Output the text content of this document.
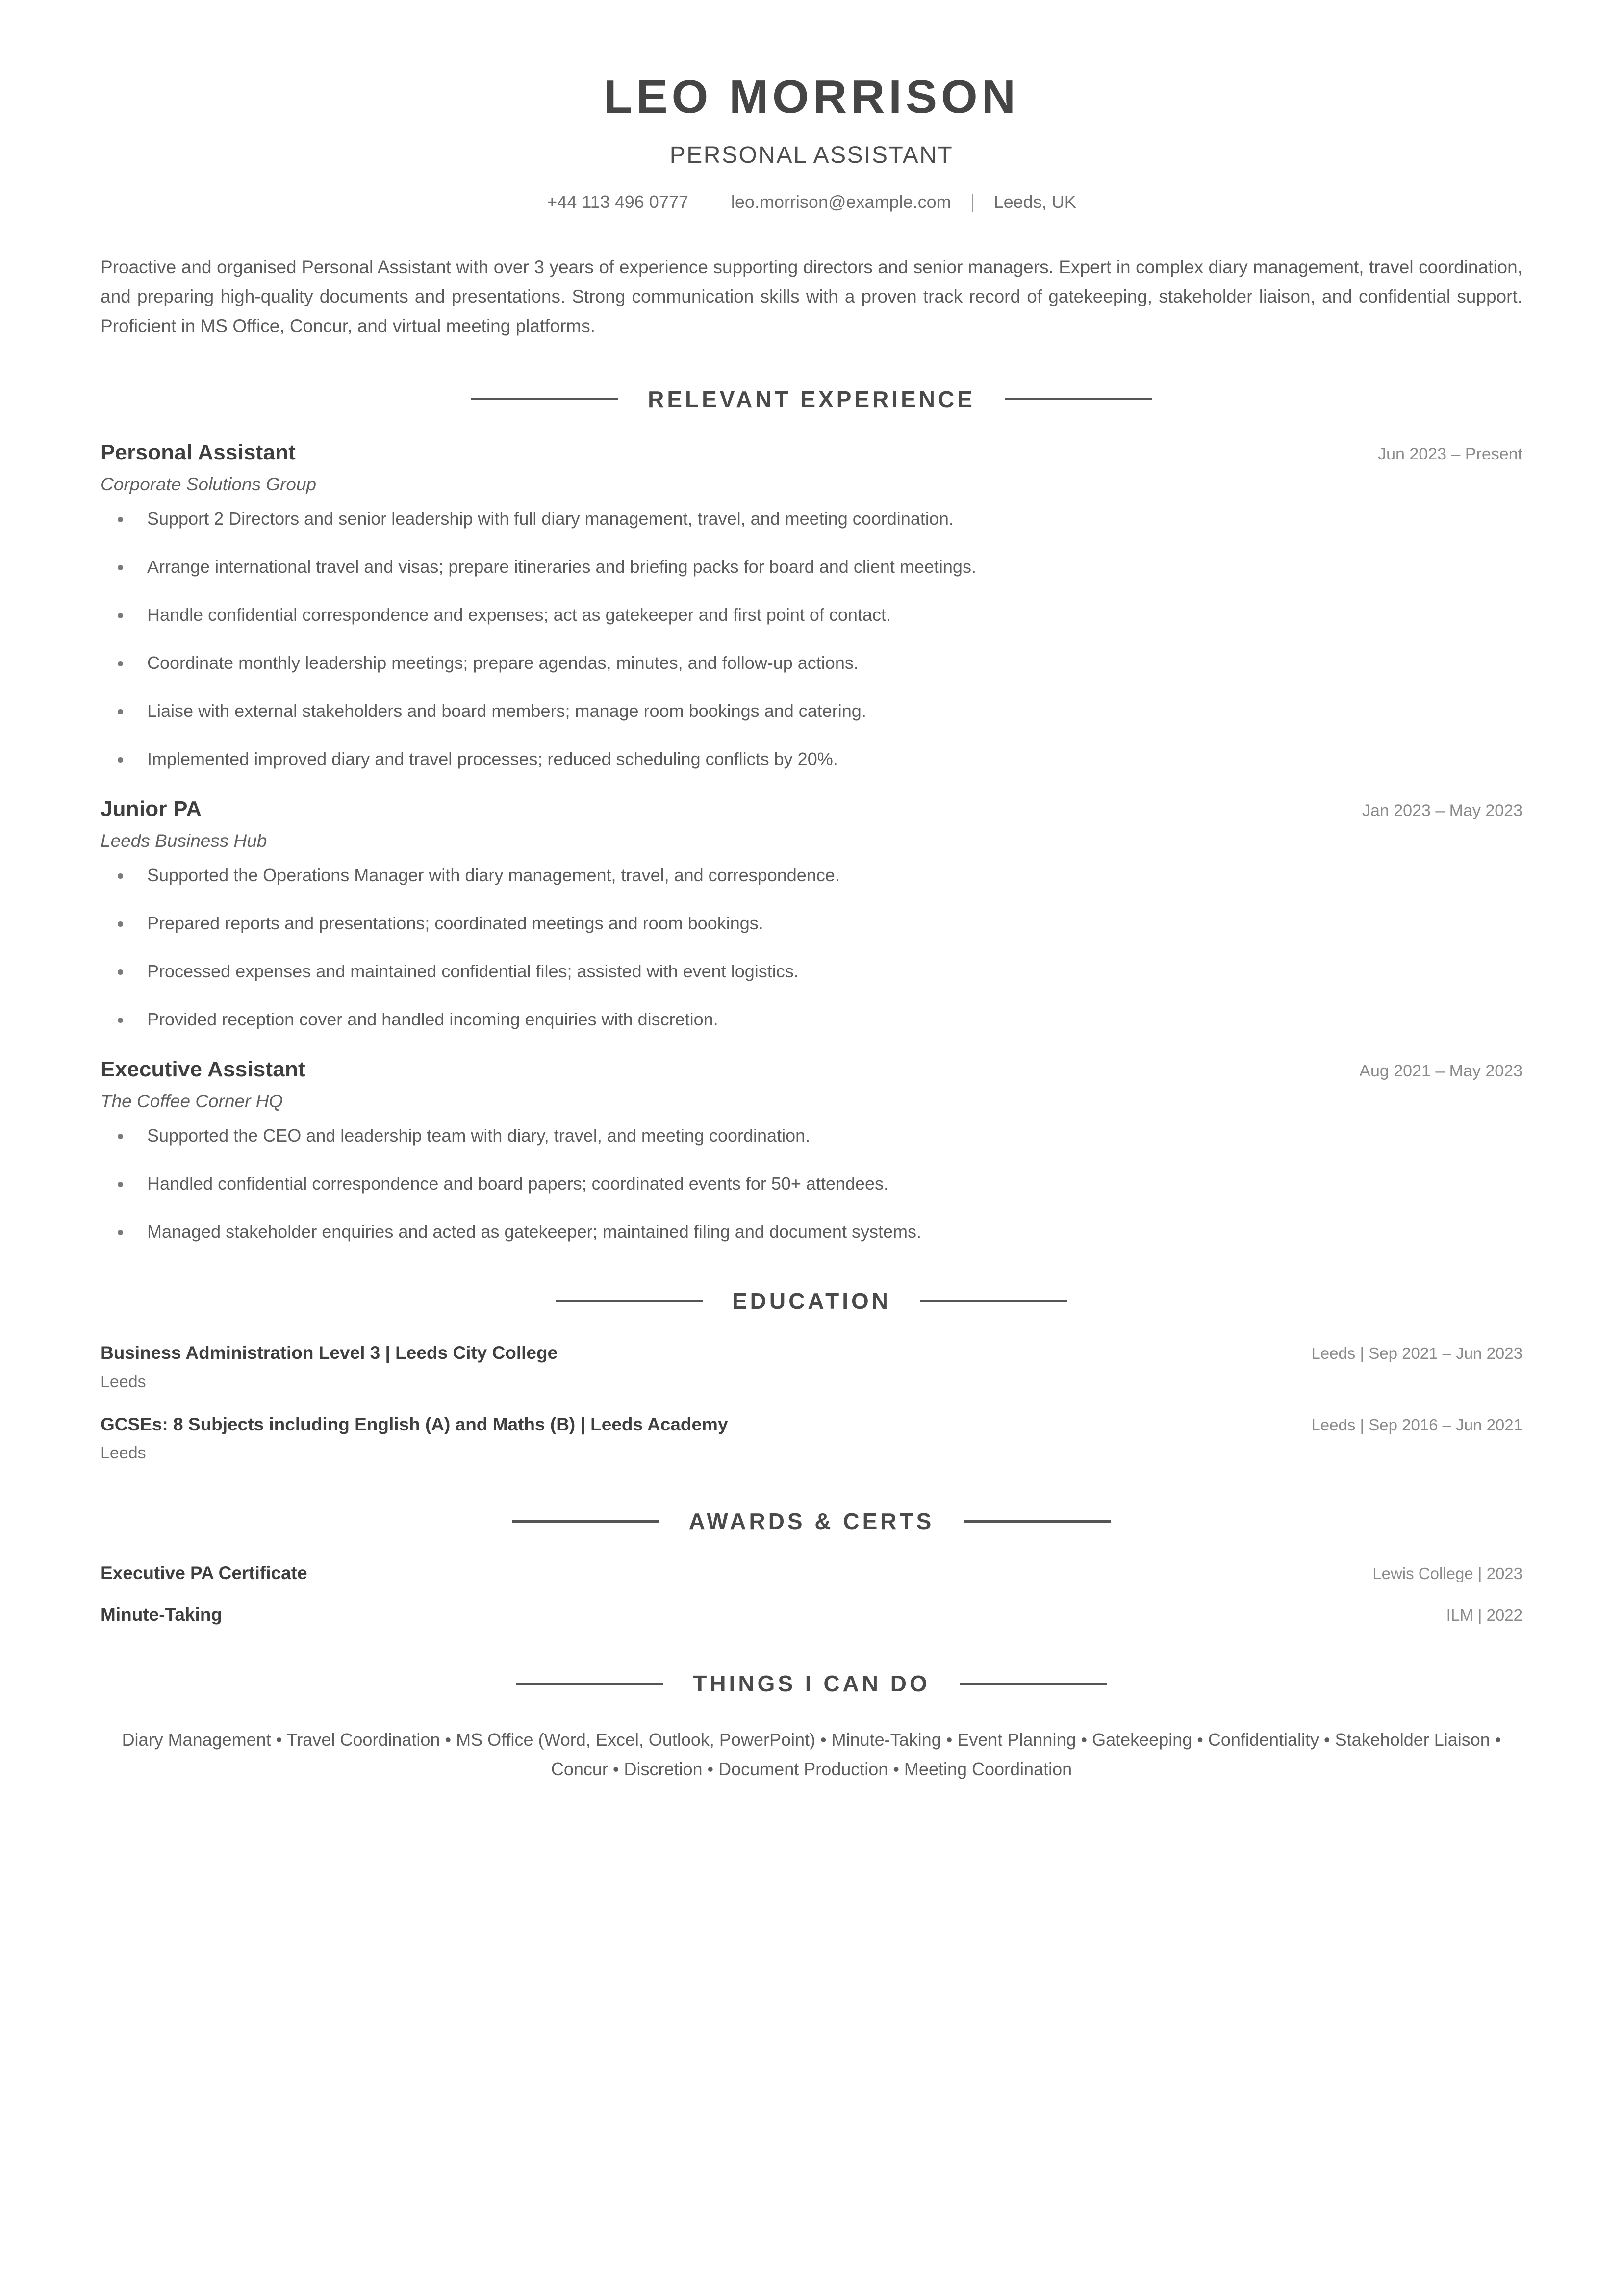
LEO MORRISON
PERSONAL ASSISTANT
+44 113 496 0777 leo.morrison@example.com Leeds, UK
Proactive and organised Personal Assistant with over 3 years of experience supporting directors and senior managers. Expert in complex diary management, travel coordination, and preparing high-quality documents and presentations. Strong communication skills with a proven track record of gatekeeping, stakeholder liaison, and confidential support. Proficient in MS Office, Concur, and virtual meeting platforms.
RELEVANT EXPERIENCE
Personal Assistant	Jun 2023 – Present
Corporate Solutions Group
Support 2 Directors and senior leadership with full diary management, travel, and meeting coordination.
Arrange international travel and visas; prepare itineraries and briefing packs for board and client meetings.
Handle confidential correspondence and expenses; act as gatekeeper and first point of contact.
Coordinate monthly leadership meetings; prepare agendas, minutes, and follow-up actions.
Liaise with external stakeholders and board members; manage room bookings and catering.
Implemented improved diary and travel processes; reduced scheduling conflicts by 20%.
Junior PA	Jan 2023 – May 2023
Leeds Business Hub
Supported the Operations Manager with diary management, travel, and correspondence.
Prepared reports and presentations; coordinated meetings and room bookings.
Processed expenses and maintained confidential files; assisted with event logistics.
Provided reception cover and handled incoming enquiries with discretion.
Executive Assistant	Aug 2021 – May 2023
The Coffee Corner HQ
Supported the CEO and leadership team with diary, travel, and meeting coordination.
Handled confidential correspondence and board papers; coordinated events for 50+ attendees.
Managed stakeholder enquiries and acted as gatekeeper; maintained filing and document systems.
EDUCATION
Business Administration Level 3 | Leeds City College	Leeds | Sep 2021 – Jun 2023
Leeds
GCSEs: 8 Subjects including English (A) and Maths (B) | Leeds Academy	Leeds | Sep 2016 – Jun 2021
Leeds
AWARDS & CERTS
Executive PA Certificate	Lewis College | 2023
Minute-Taking	ILM | 2022
THINGS I CAN DO
Diary Management • Travel Coordination • MS Office (Word, Excel, Outlook, PowerPoint) • Minute-Taking • Event Planning • Gatekeeping • Confidentiality • Stakeholder Liaison • Concur • Discretion • Document Production • Meeting Coordination
